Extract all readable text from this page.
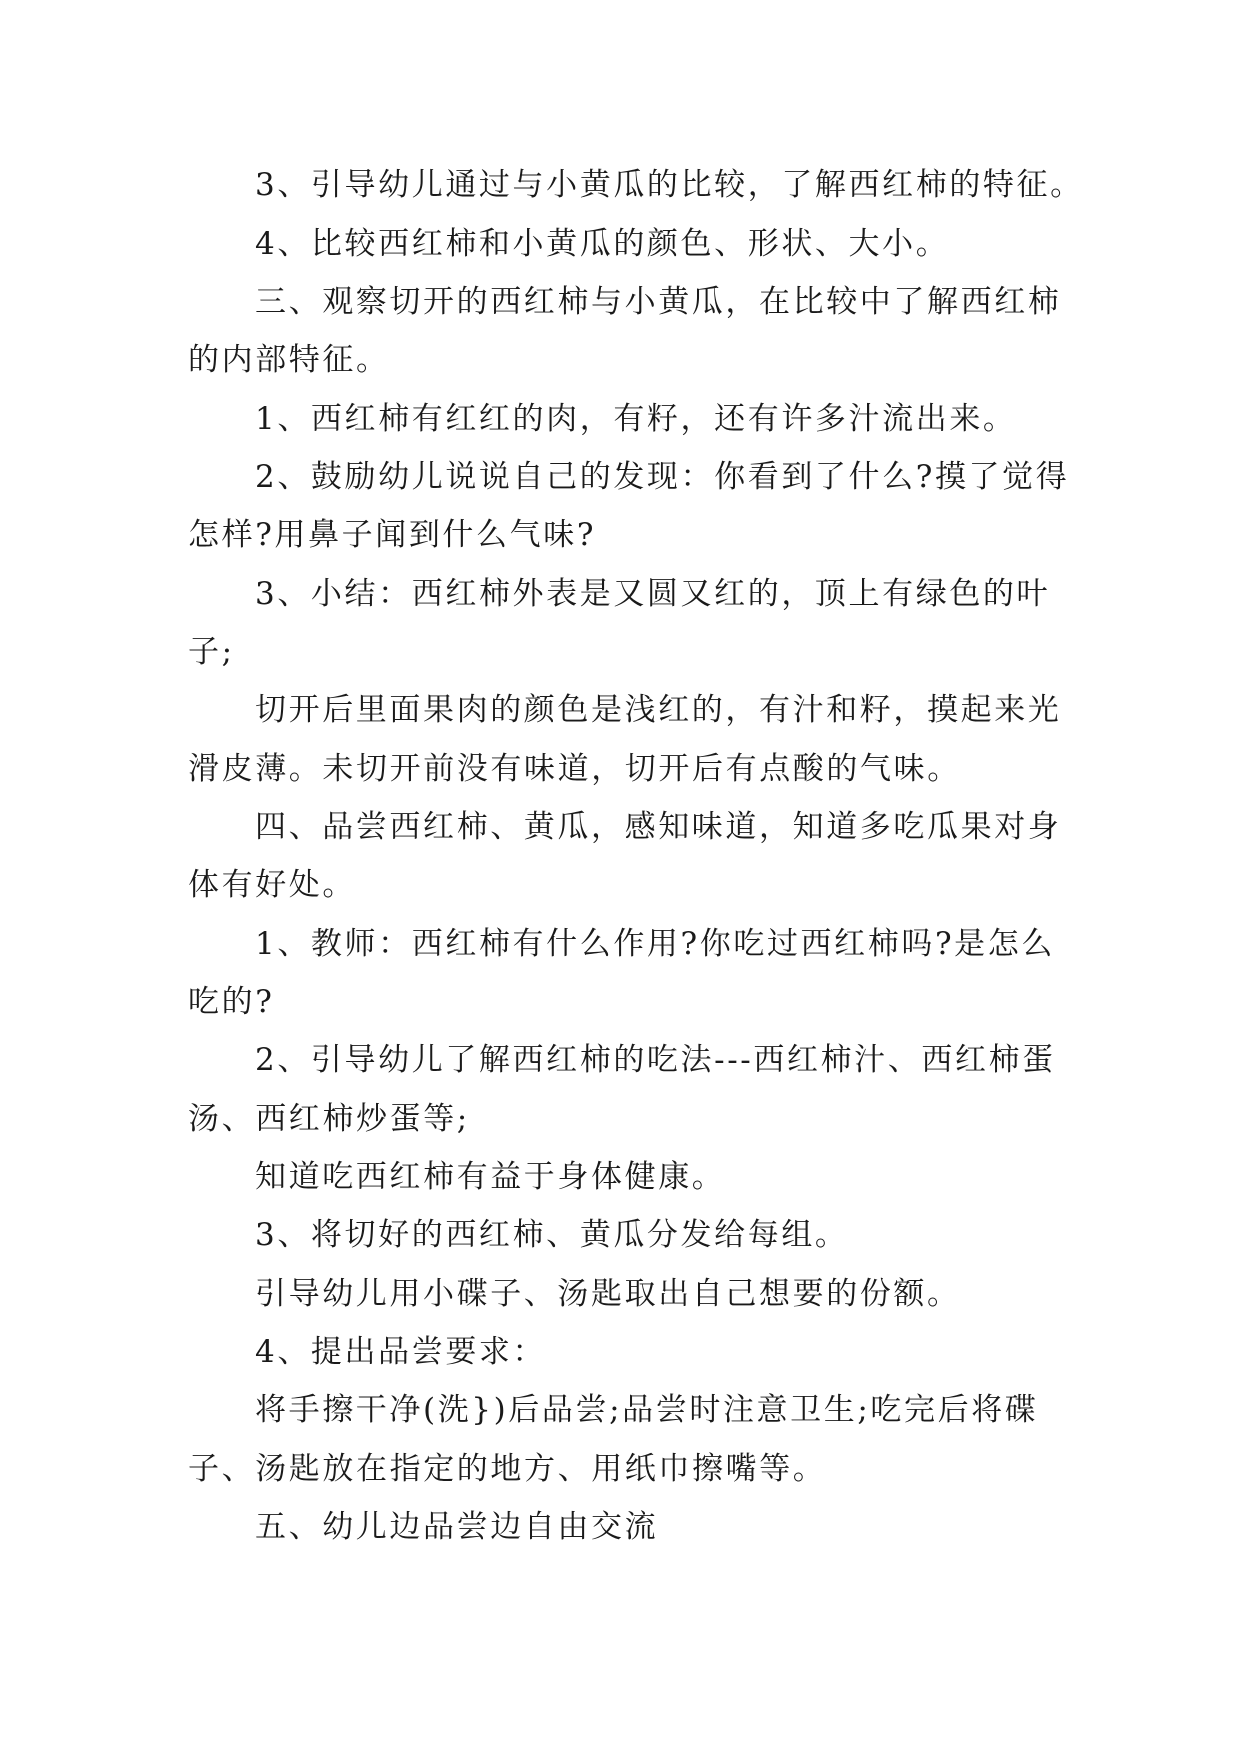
3、引导幼儿通过与小黄瓜的比较，了解西红柿的特征。

4、比较西红柿和小黄瓜的颜色、形状、大小。

三、观察切开的西红柿与小黄瓜，在比较中了解西红柿

的内部特征。

1、西红柿有红红的肉，有籽，还有许多汁流出来。

2、鼓励幼儿说说自己的发现：你看到了什么?摸了觉得

怎样?用鼻子闻到什么气味?

3、小结：西红柿外表是又圆又红的，顶上有绿色的叶

子;

切开后里面果肉的颜色是浅红的，有汁和籽，摸起来光

滑皮薄。未切开前没有味道，切开后有点酸的气味。

四、品尝西红柿、黄瓜，感知味道，知道多吃瓜果对身

体有好处。

1、教师：西红柿有什么作用?你吃过西红柿吗?是怎么

吃的?

2、引导幼儿了解西红柿的吃法---西红柿汁、西红柿蛋

汤、西红柿炒蛋等;

知道吃西红柿有益于身体健康。

3、将切好的西红柿、黄瓜分发给每组。

引导幼儿用小碟子、汤匙取出自己想要的份额。

4、提出品尝要求：

将手擦干净(洗})后品尝;品尝时注意卫生;吃完后将碟

子、汤匙放在指定的地方、用纸巾擦嘴等。

五、幼儿边品尝边自由交流
